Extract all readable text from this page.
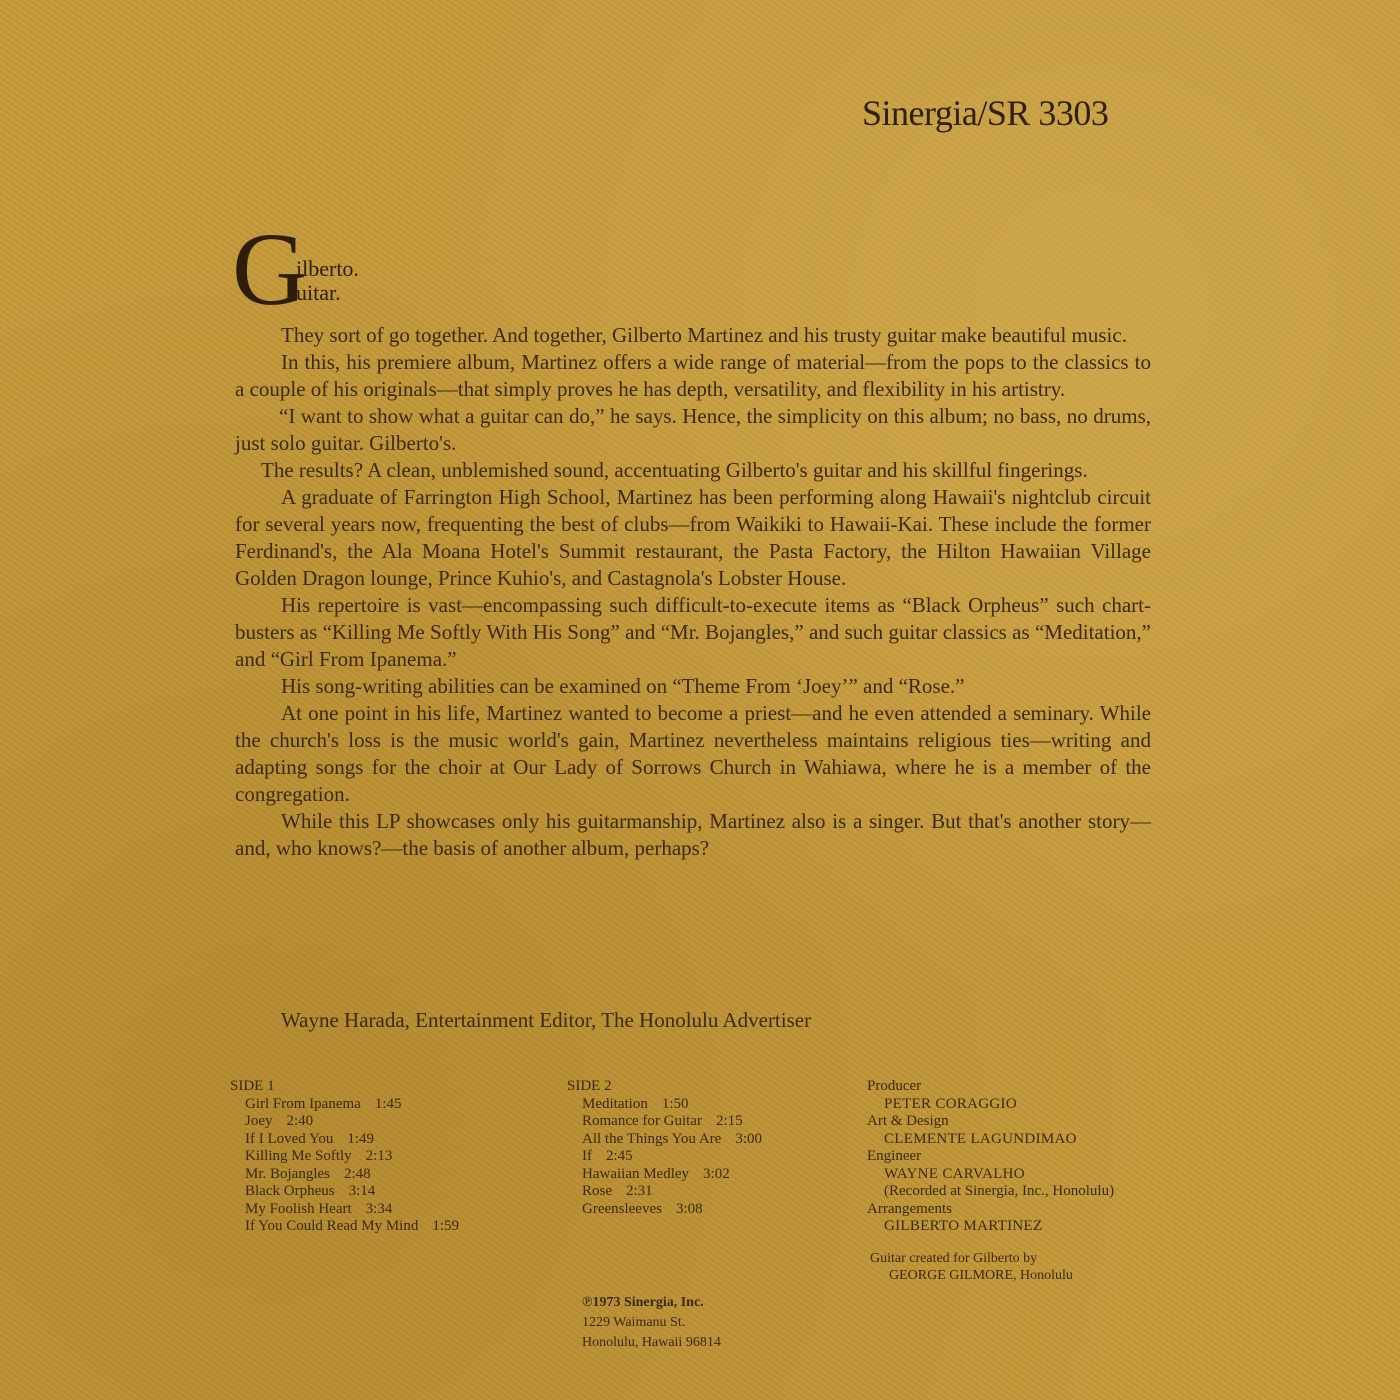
Sinergia/SR 3303
G
ilberto.
uitar.

They sort of go together. And together, Gilberto Martinez and his trusty guitar make beautiful music.

In this, his premiere album, Martinez offers a wide range of material—from the pops to the classics to a couple of his originals—that simply proves he has depth, versatility, and flexibility in his artistry.

“I want to show what a guitar can do,” he says. Hence, the simplicity on this album; no bass, no drums, just solo guitar. Gilberto's.

The results? A clean, unblemished sound, accentuating Gilberto's guitar and his skillful fingerings.

A graduate of Farrington High School, Martinez has been performing along Hawaii's nightclub circuit for several years now, frequenting the best of clubs—from Waikiki to Hawaii-Kai. These include the former Ferdinand's, the Ala Moana Hotel's Summit restaurant, the Pasta Factory, the Hilton Hawaiian Village Golden Dragon lounge, Prince Kuhio's, and Castagnola's Lobster House.

His repertoire is vast—encompassing such difficult-to-execute items as “Black Orpheus” such chart-busters as “Killing Me Softly With His Song” and “Mr. Bojangles,” and such guitar classics as “Meditation,” and “Girl From Ipanema.”

His song-writing abilities can be examined on “Theme From ‘Joey’” and “Rose.”

At one point in his life, Martinez wanted to become a priest—and he even attended a seminary. While the church's loss is the music world's gain, Martinez nevertheless maintains religious ties—writing and adapting songs for the choir at Our Lady of Sorrows Church in Wahiawa, where he is a member of the congregation.

While this LP showcases only his guitarmanship, Martinez also is a singer. But that's another story—and, who knows?—the basis of another album, perhaps?

Wayne Harada, Entertainment Editor, The Honolulu Advertiser
SIDE 1
Girl From Ipanema 1:45
Joey 2:40
If I Loved You 1:49
Killing Me Softly 2:13
Mr. Bojangles 2:48
Black Orpheus 3:14
My Foolish Heart 3:34
If You Could Read My Mind 1:59
SIDE 2
Meditation 1:50
Romance for Guitar 2:15
All the Things You Are 3:00
If 2:45
Hawaiian Medley 3:02
Rose 2:31
Greensleeves 3:08
Producer
PETER CORAGGIO
Art & Design
CLEMENTE LAGUNDIMAO
Engineer
WAYNE CARVALHO
(Recorded at Sinergia, Inc., Honolulu)
Arrangements
GILBERTO MARTINEZ
Guitar created for Gilberto by
GEORGE GILMORE, Honolulu
℗1973 Sinergia, Inc.
1229 Waimanu St.
Honolulu, Hawaii 96814
